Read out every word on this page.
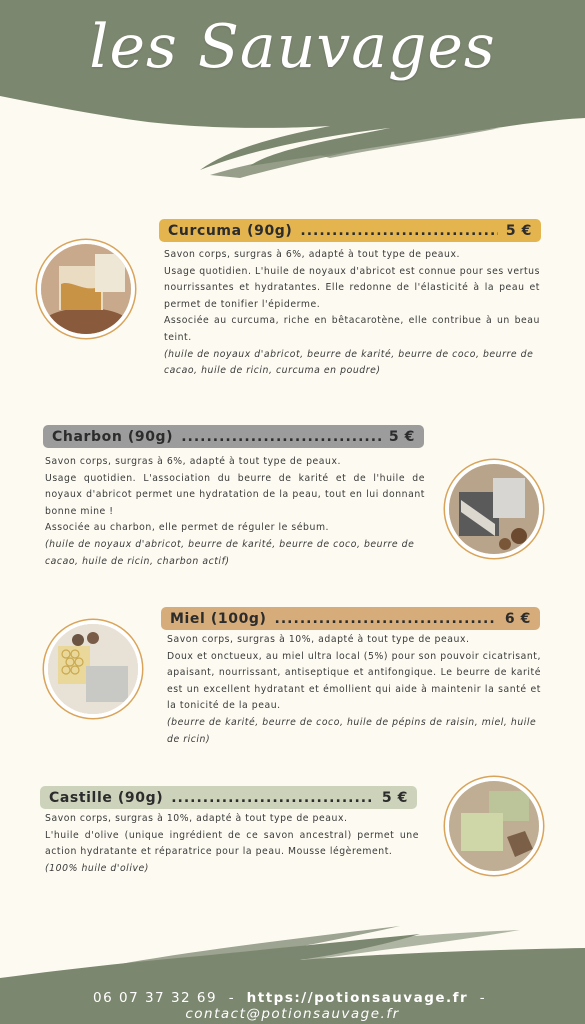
les Sauvages
Curcuma (90g) .....	5 €

Savon corps, surgras à 6%, adapté à tout type de peaux.

Usage quotidien. L'huile de noyaux d'abricot est connue pour ses vertus nourrissantes et hydratantes. Elle redonne de l'élasticité à la peau et permet de tonifier l'épiderme.

Associée au curcuma, riche en bêtacarotène, elle contribue à un beau teint.

(huile de noyaux d'abricot, beurre de karité, beurre de coco, beurre de cacao, huile de ricin, curcuma en poudre)

Charbon (90g) .....	5 €

Savon corps, surgras à 6%, adapté à tout type de peaux.

Usage quotidien. L'association du beurre de karité et de l'huile de noyaux d'abricot permet une hydratation de la peau, tout en lui donnant bonne mine !

Associée au charbon, elle permet de réguler le sébum.

(huile de noyaux d'abricot, beurre de karité, beurre de coco, beurre de cacao, huile de ricin, charbon actif)

Miel (100g) .....	6 €

Savon corps, surgras à 10%, adapté à tout type de peaux.

Doux et onctueux, au miel ultra local (5%) pour son pouvoir cicatrisant, apaisant, nourrissant, antiseptique et antifongique. Le beurre de karité est un excellent hydratant et émollient qui aide à maintenir la santé et la tonicité de la peau.

(beurre de karité, beurre de coco, huile de pépins de raisin, miel, huile de ricin)

Castille (90g) .....	5 €

Savon corps, surgras à 10%, adapté à tout type de peaux.

L'huile d'olive (unique ingrédient de ce savon ancestral) permet une action hydratante et réparatrice pour la peau. Mousse légèrement.

(100% huile d'olive)

06 07 37 32 69 - https://potionsauvage.fr -  contact@potionsauvage.fr
